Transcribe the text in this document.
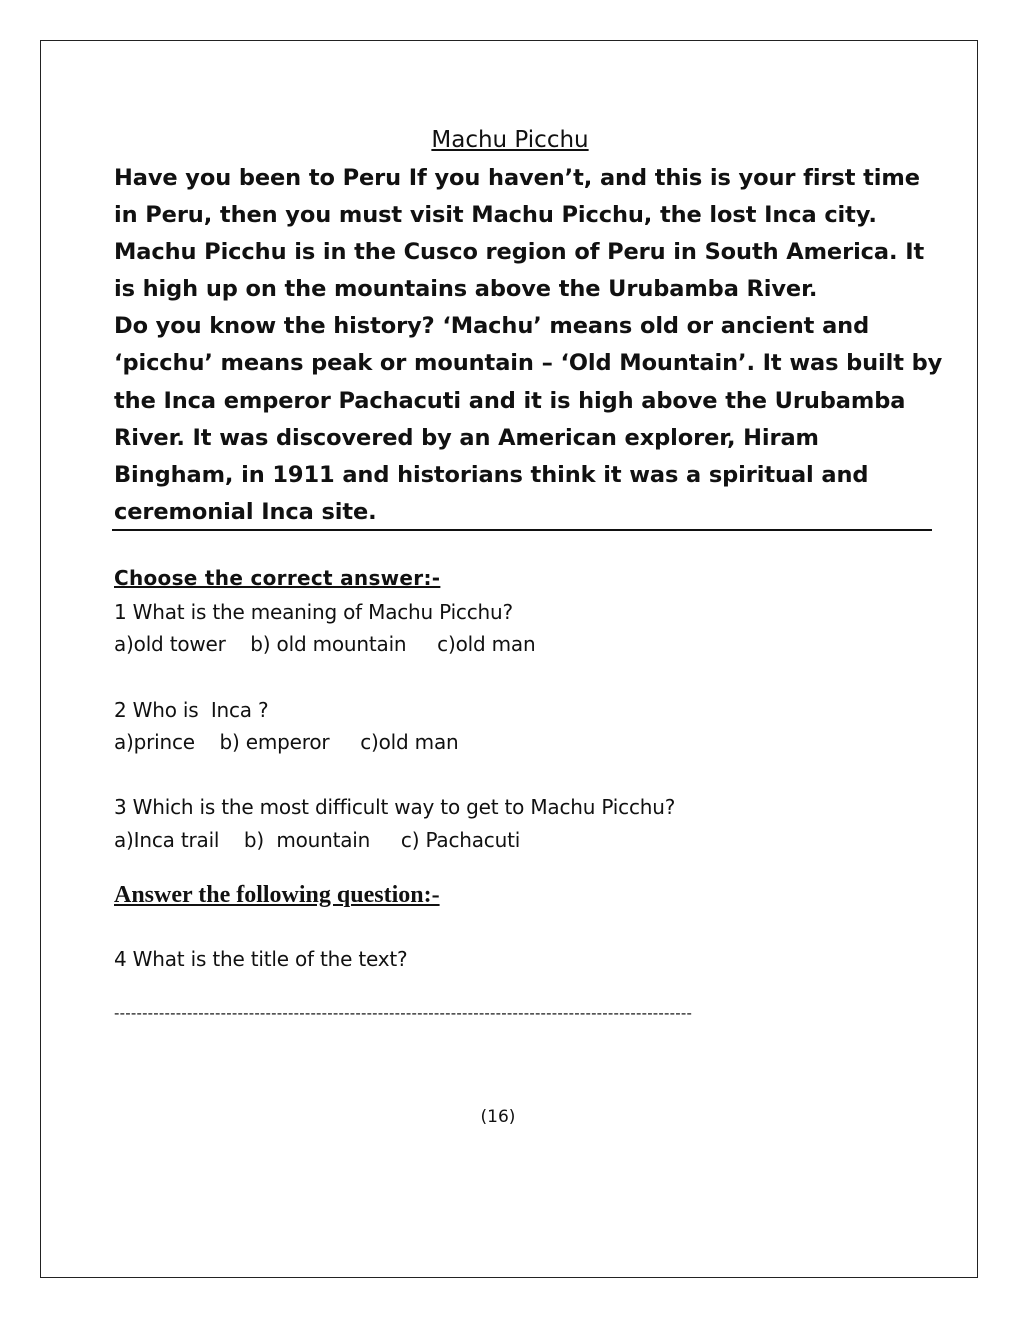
Machu Picchu
Have you been to Peru If you haven’t, and this is your first time
in Peru, then you must visit Machu Picchu, the lost Inca city.
Machu Picchu is in the Cusco region of Peru in South America. It
is high up on the mountains above the Urubamba River.
Do you know the history? ‘Machu’ means old or ancient and
‘picchu’ means peak or mountain – ‘Old Mountain’. It was built by
the Inca emperor Pachacuti and it is high above the Urubamba
River. It was discovered by an American explorer, Hiram
Bingham, in 1911 and historians think it was a spiritual and
ceremonial Inca site.
Choose the correct answer:-
1 What is the meaning of Machu Picchu?
a)old tower    b) old mountain     c)old man
2 Who is  Inca ?
a)prince    b) emperor     c)old man
3 Which is the most difficult way to get to Machu Picchu?
a)Inca trail    b)  mountain     c) Pachacuti
Answer the following question:-
4 What is the title of the text?
-------------------------------------------------------------------------------------------------------
(16)
